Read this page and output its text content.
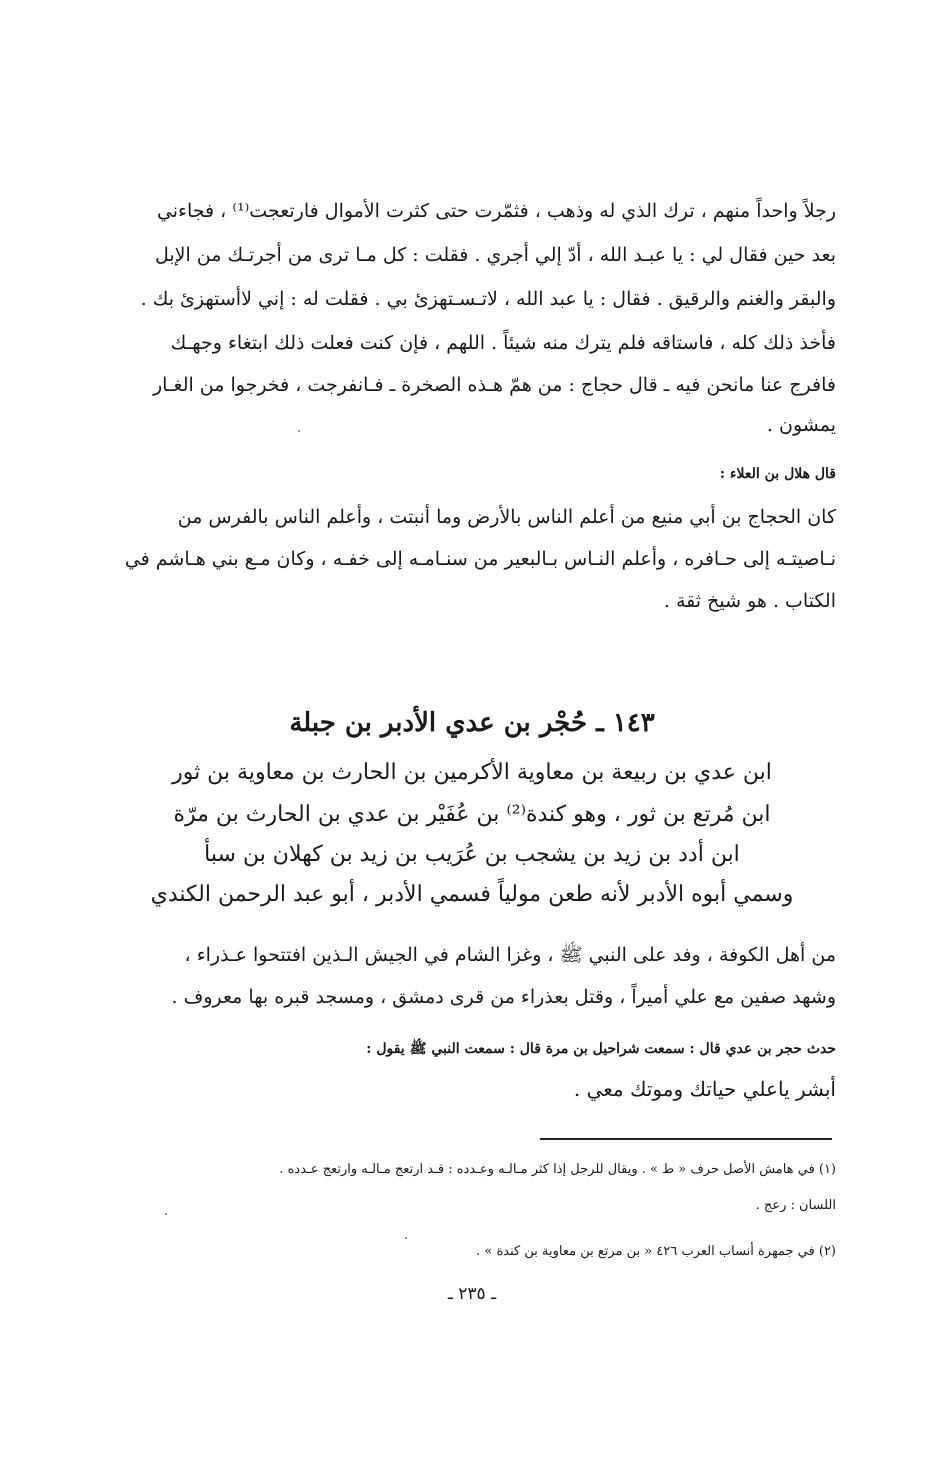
رجلاً واحداً منهم ، ترك الذي له وذهب ، فثمّرت حتى كثرت الأموال فارتعجت⁽¹⁾ ، فجاءني
بعد حين فقال لي : يا عبـد الله ، أدّ إلي أجري . فقلت : كل مـا ترى من أجرتـك من الإبل
والبقر والغنم والرقيق . فقال : يا عبد الله ، لاتـسـتهزئ بي . فقلت له : إني لاأستهزئ بك .
فأخذ ذلك كله ، فاستاقه فلم يترك منه شيئاً . اللهم ، فإن كنت فعلت ذلك ابتغاء وجهـك
فافرج عنا مانحن فيه ـ قال حجاج : من همّ هـذه الصخرة ـ فـانفرجت ، فخرجوا من الغـار
يمشون .
قال هلال بن العلاء :
كان الحجاج بن أبي منيع من أعلم الناس بالأرض وما أنبتت ، وأعلم الناس بالفرس من
نـاصيتـه إلى حـافره ، وأعلم النـاس بـالبعير من سنـامـه إلى خفـه ، وكان مـع بني هـاشم في
الكتاب . هو شيخ ثقة .
١٤٣ ـ حُجْر بن عدي الأدبر بن جبلة
ابن عدي بن ربيعة بن معاوية الأكرمين بن الحارث بن معاوية بن ثور
ابن مُرتع بن ثور ، وهو كندة⁽²⁾ بن عُفَيْر بن عدي بن الحارث بن مرّة
ابن أدد بن زيد بن يشجب بن عُرَيب بن زيد بن كهلان بن سبأ
وسمي أبوه الأدبر لأنه طعن مولياً فسمي الأدبر ، أبو عبد الرحمن الكندي
من أهل الكوفة ، وفد على النبي ﷺ ، وغزا الشام في الجيش الـذين افتتحوا عـذراء ،
وشهد صفين مع علي أميراً ، وقتل بعذراء من قرى دمشق ، ومسجد قبره بها معروف .
حدث حجر بن عدي قال : سمعت شراحيل بن مرة قال : سمعت النبي ﷺ يقول :
أبشر ياعلي حياتك وموتك معي .
(١) في هامش الأصل حرف « ط » . ويقال للرجل إذا كثر مـالـه وعـدده : قـد ارتعج مـالـه وارتعج عـدده .
اللسان : رعج .
(٢) في جمهرة أنساب العرب ٤٢٦ « بن مرتع بن معاوية بن كندة » .
ـ ٢٣٥ ـ
